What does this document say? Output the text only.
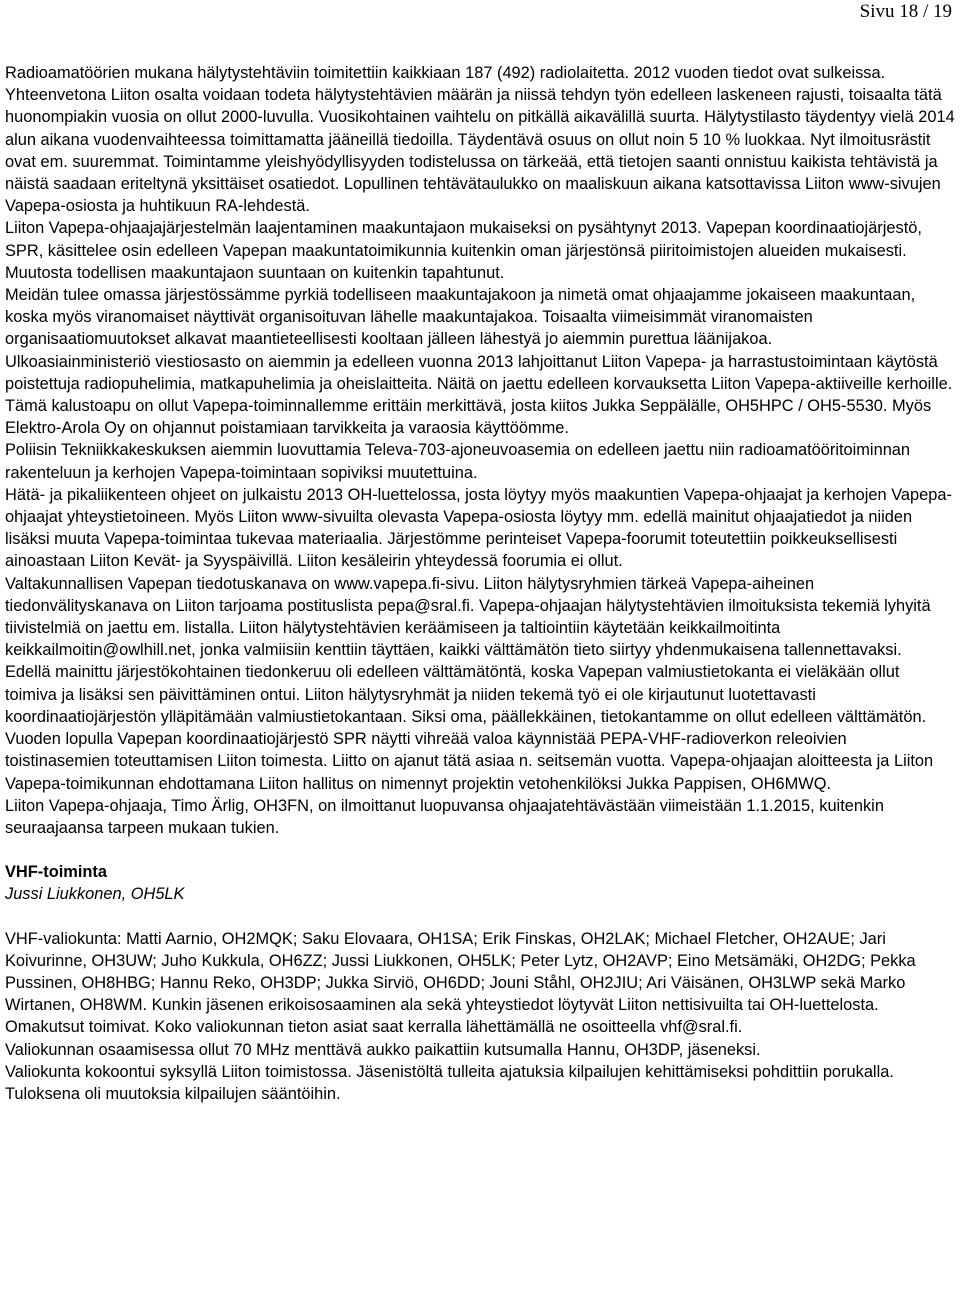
Sivu 18 / 19

Radioamatöörien mukana hälytystehtäviin toimitettiin kaikkiaan 187 (492) radiolaitetta. 2012 vuoden tiedot ovat sulkeissa.

Yhteenvetona Liiton osalta voidaan todeta hälytystehtävien määrän ja niissä tehdyn työn edelleen laskeneen rajusti, toisaalta tätä huonompiakin vuosia on ollut 2000-luvulla. Vuosikohtainen vaihtelu on pitkällä aikavälillä suurta. Hälytystilasto täydentyy vielä 2014 alun aikana vuodenvaihteessa toimittamatta jääneillä tiedoilla. Täydentävä osuus on ollut noin 5 10 % luokkaa. Nyt ilmoitusrästit ovat em. suuremmat. Toimintamme yleishyödyllisyyden todistelussa on tärkeää, että tietojen saanti onnistuu kaikista tehtävistä ja näistä saadaan eriteltynä yksittäiset osatiedot. Lopullinen tehtävätaulukko on maaliskuun aikana katsottavissa Liiton www-sivujen Vapepa-osiosta ja huhtikuun RA-lehdestä.

Liiton Vapepa-ohjaajajärjestelmän laajentaminen maakuntajaon mukaiseksi on pysähtynyt 2013. Vapepan koordinaatiojärjestö, SPR, käsittelee osin edelleen Vapepan maakuntatoimikunnia kuitenkin oman järjestönsä piiritoimistojen alueiden mukaisesti. Muutosta todellisen maakuntajaon suuntaan on kuitenkin tapahtunut.

Meidän tulee omassa järjestössämme pyrkiä todelliseen maakuntajakoon ja nimetä omat ohjaajamme jokaiseen maakuntaan, koska myös viranomaiset näyttivät organisoituvan lähelle maakuntajakoa. Toisaalta viimeisimmät viranomaisten organisaatiomuutokset alkavat maantieteellisesti kooltaan jälleen lähestyä jo aiemmin purettua läänijakoa.

Ulkoasiainministeriö viestiosasto on aiemmin ja edelleen vuonna 2013 lahjoittanut Liiton Vapepa- ja harrastustoimintaan käytöstä poistettuja radiopuhelimia, matkapuhelimia ja oheislaitteita. Näitä on jaettu edelleen korvauksetta Liiton Vapepa-aktiiveille kerhoille. Tämä kalustoapu on ollut Vapepa-toiminnallemme erittäin merkittävä, josta kiitos Jukka Seppälälle, OH5HPC / OH5-5530. Myös Elektro-Arola Oy on ohjannut poistamiaan tarvikkeita ja varaosia käyttöömme.

Poliisin Tekniikkakeskuksen aiemmin luovuttamia Televa-703-ajoneuvoasemia on edelleen jaettu niin radioamatööritoiminnan rakenteluun ja kerhojen Vapepa-toimintaan sopiviksi muutettuina.

Hätä- ja pikaliikenteen ohjeet on julkaistu 2013 OH-luettelossa, josta löytyy myös maakuntien Vapepa-ohjaajat ja kerhojen Vapepa-ohjaajat yhteystietoineen. Myös Liiton www-sivuilta olevasta Vapepa-osiosta löytyy mm. edellä mainitut ohjaajatiedot ja niiden lisäksi muuta Vapepa-toimintaa tukevaa materiaalia. Järjestömme perinteiset Vapepa-foorumit toteutettiin poikkeuksellisesti ainoastaan Liiton Kevät- ja Syyspäivillä. Liiton kesäleirin yhteydessä foorumia ei ollut.

Valtakunnallisen Vapepan tiedotuskanava on www.vapepa.fi-sivu. Liiton hälytysryhmien tärkeä Vapepa-aiheinen tiedonvälityskanava on Liiton tarjoama postituslista pepa@sral.fi. Vapepa-ohjaajan hälytystehtävien ilmoituksista tekemiä lyhyitä tiivistelmiä on jaettu em. listalla. Liiton hälytystehtävien keräämiseen ja taltiointiin käytetään keikkailmoitinta keikkailmoitin@owlhill.net, jonka valmiisiin kenttiin täyttäen, kaikki välttämätön tieto siirtyy yhdenmukaisena tallennettavaksi.

Edellä mainittu järjestökohtainen tiedonkeruu oli edelleen välttämätöntä, koska Vapepan valmiustietokanta ei vieläkään ollut toimiva ja lisäksi sen päivittäminen ontui. Liiton hälytysryhmät ja niiden tekemä työ ei ole kirjautunut luotettavasti koordinaatiojärjestön ylläpitämään valmiustietokantaan. Siksi oma, päällekkäinen, tietokantamme on ollut edelleen välttämätön.

Vuoden lopulla Vapepan koordinaatiojärjestö SPR näytti vihreää valoa käynnistää PEPA-VHF-radioverkon releoivien toistinasemien toteuttamisen Liiton toimesta. Liitto on ajanut tätä asiaa n. seitsemän vuotta. Vapepa-ohjaajan aloitteesta ja Liiton Vapepa-toimikunnan ehdottamana Liiton hallitus on nimennyt projektin vetohenkilöksi Jukka Pappisen, OH6MWQ.

Liiton Vapepa-ohjaaja, Timo Ärlig, OH3FN, on ilmoittanut luopuvansa ohjaajatehtävästään viimeistään 1.1.2015, kuitenkin seuraajaansa tarpeen mukaan tukien.

VHF-toiminta

Jussi Liukkonen, OH5LK

VHF-valiokunta: Matti Aarnio, OH2MQK; Saku Elovaara, OH1SA; Erik Finskas, OH2LAK; Michael Fletcher, OH2AUE; Jari Koivurinne, OH3UW; Juho Kukkula, OH6ZZ; Jussi Liukkonen, OH5LK; Peter Lytz, OH2AVP; Eino Metsämäki, OH2DG; Pekka Pussinen, OH8HBG; Hannu Reko, OH3DP; Jukka Sirviö, OH6DD; Jouni Ståhl, OH2JIU; Ari Väisänen, OH3LWP sekä Marko Wirtanen, OH8WM. Kunkin jäsenen erikoisosaaminen ala sekä yhteystiedot löytyvät Liiton nettisivuilta tai OH-luettelosta. Omakutsut toimivat. Koko valiokunnan tieton asiat saat kerralla lähettämällä ne osoitteella vhf@sral.fi.

Valiokunnan osaamisessa ollut 70 MHz menttävä aukko paikattiin kutsumalla Hannu, OH3DP, jäseneksi.

Valiokunta kokoontui syksyllä Liiton toimistossa. Jäsenistöltä tulleita ajatuksia kilpailujen kehittämiseksi pohdittiin porukalla. Tuloksena oli muutoksia kilpailujen sääntöihin.
